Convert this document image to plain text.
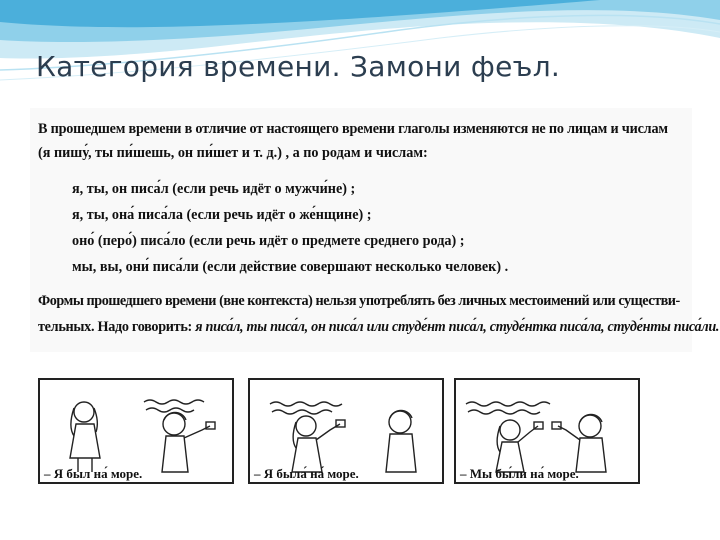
Категория времени. Замони феъл.
В прошедшем времени в отличие от настоящего времени глаголы изменяются не по лицам и числам
(я пишу́, ты пи́шешь, он пи́шет и т. д.) , а по родам и числам:
я, ты, он писа́л (если речь идёт о мужчи́не) ;
я, ты, она́ писа́ла (если речь идёт о же́нщине) ;
оно́ (перо́) писа́ло (если речь идёт о предмете среднего рода) ;
мы, вы, они́ писа́ли (если действие совершают несколько человек) .
Формы прошедшего времени (вне контекста) нельзя употреблять без личных местоимений или существи-
тельных. Надо говорить: я писа́л, ты писа́л, он писа́л или студе́нт писа́л, студе́нтка писа́ла, студе́нты писа́ли.
– Я был на́ море.	– Я была́ на́ море.	– Мы бы́ли на́ море.
